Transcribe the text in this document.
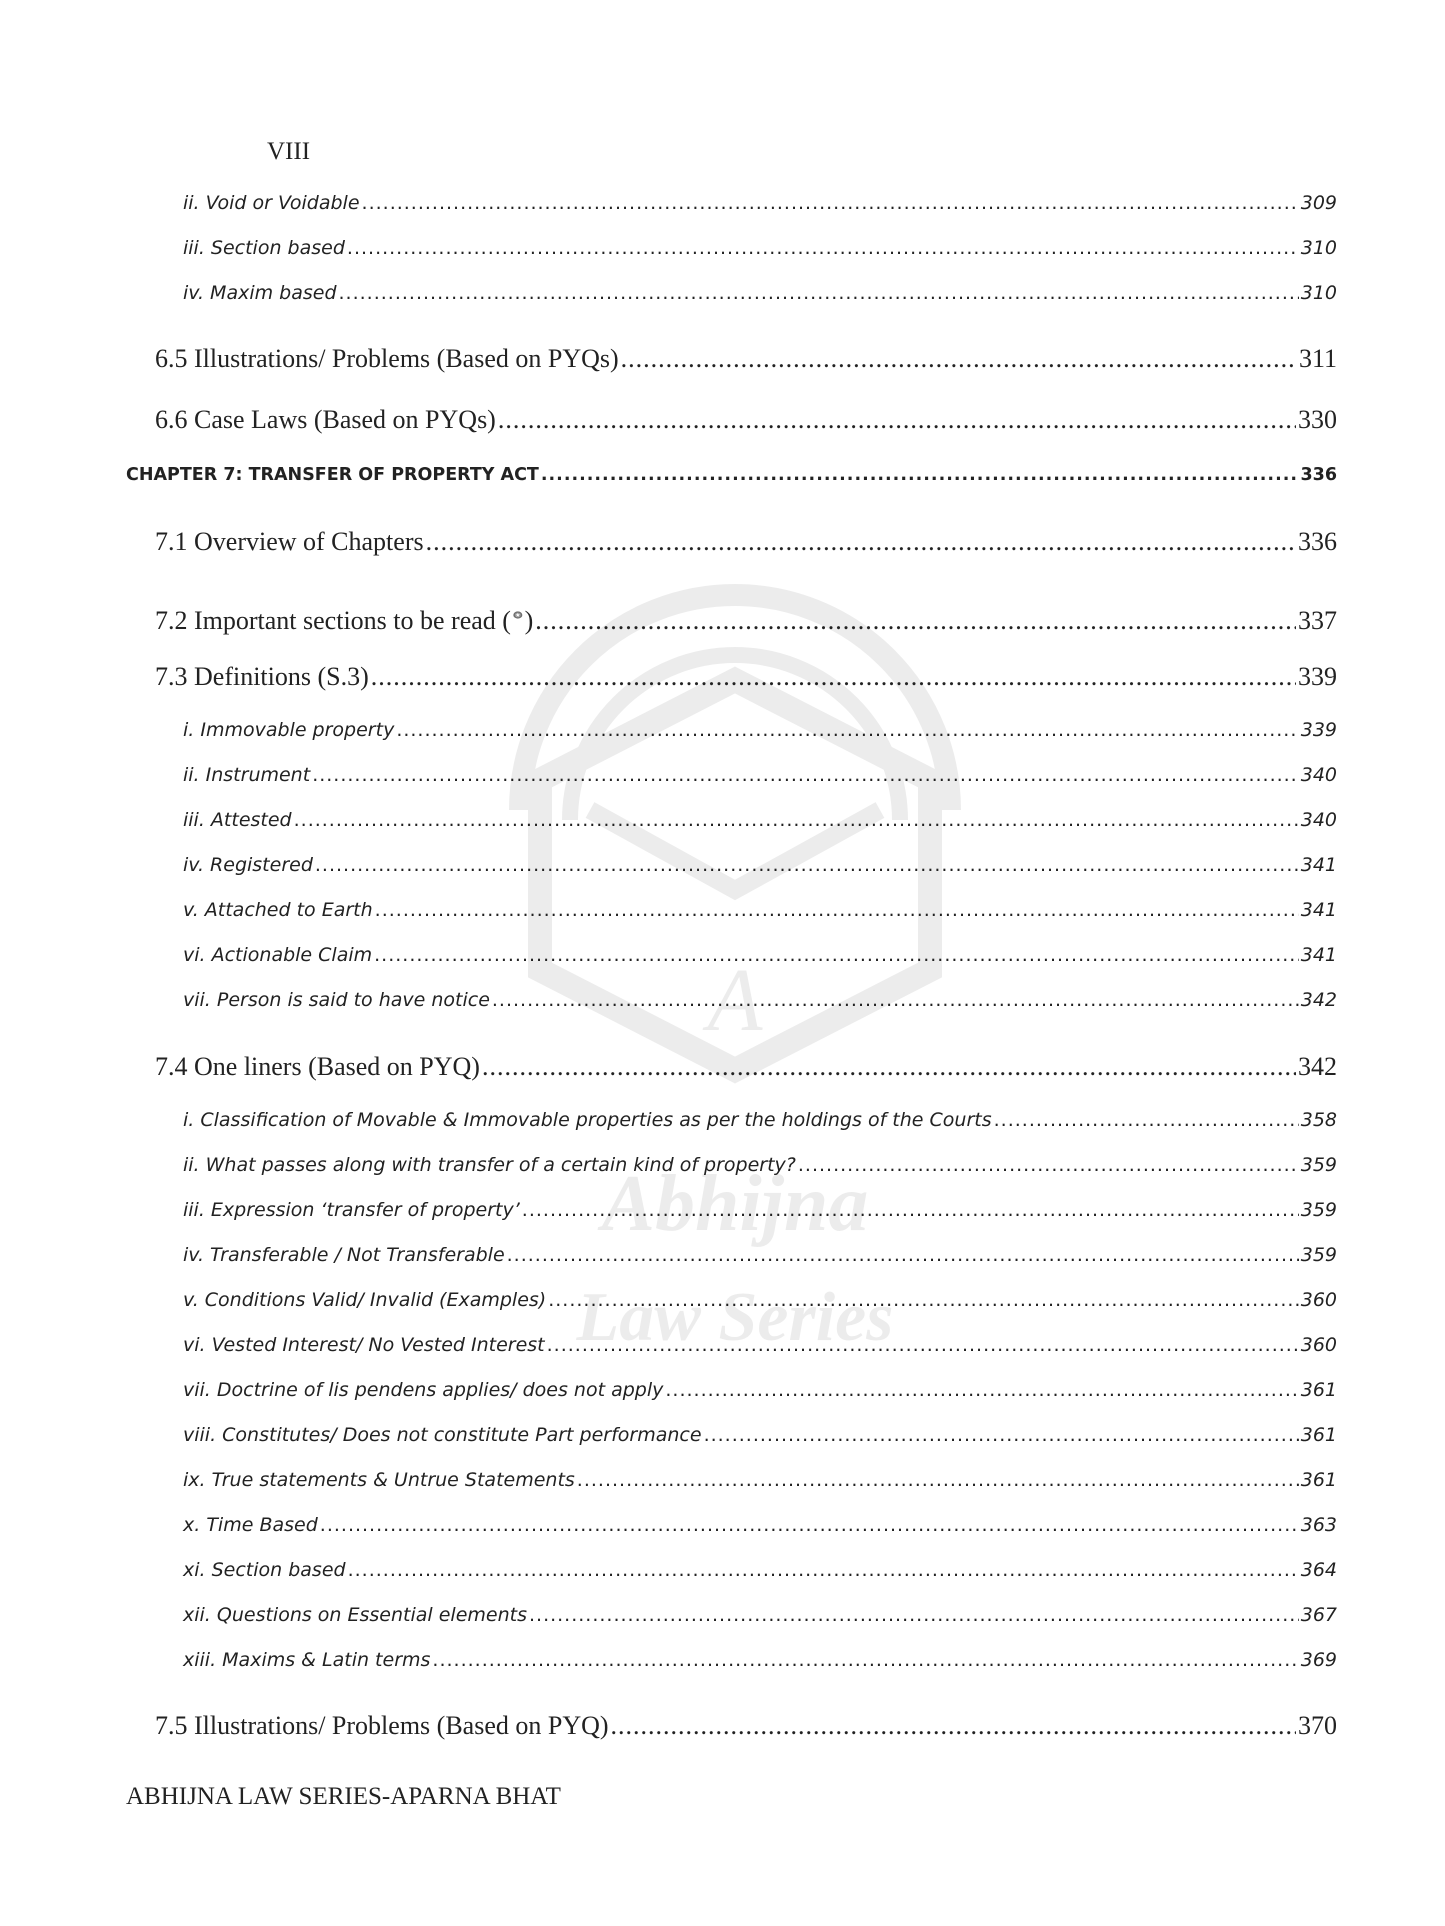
A
Abhijna
Law Series
VIII
ii. Void or Voidable .....	309
iii. Section based .....	310
iv. Maxim based .....	310
6.5 Illustrations/ Problems (Based on PYQs) .....	311
6.6 Case Laws (Based on PYQs) .....	330
CHAPTER 7: TRANSFER OF PROPERTY ACT .....	336
7.1 Overview of Chapters .....	336
7.2 Important sections to be read ( ) .....	337
7.3 Definitions (S.3) .....	339
i. Immovable property .....	339
ii. Instrument .....	340
iii. Attested .....	340
iv. Registered .....	341
v. Attached to Earth .....	341
vi. Actionable Claim .....	341
vii. Person is said to have notice .....	342
7.4 One liners (Based on PYQ) .....	342
i. Classification of Movable & Immovable properties as per the holdings of the Courts .....	358
ii. What passes along with transfer of a certain kind of property? .....	359
iii. Expression ‘transfer of property’ .....	359
iv. Transferable / Not Transferable .....	359
v. Conditions Valid/ Invalid (Examples) .....	360
vi. Vested Interest/ No Vested Interest .....	360
vii. Doctrine of lis pendens applies/ does not apply .....	361
viii. Constitutes/ Does not constitute Part performance .....	361
ix. True statements & Untrue Statements .....	361
x. Time Based .....	363
xi. Section based .....	364
xii. Questions on Essential elements .....	367
xiii. Maxims & Latin terms .....	369
7.5 Illustrations/ Problems (Based on PYQ) .....	370
ABHIJNA LAW SERIES-APARNA BHAT
